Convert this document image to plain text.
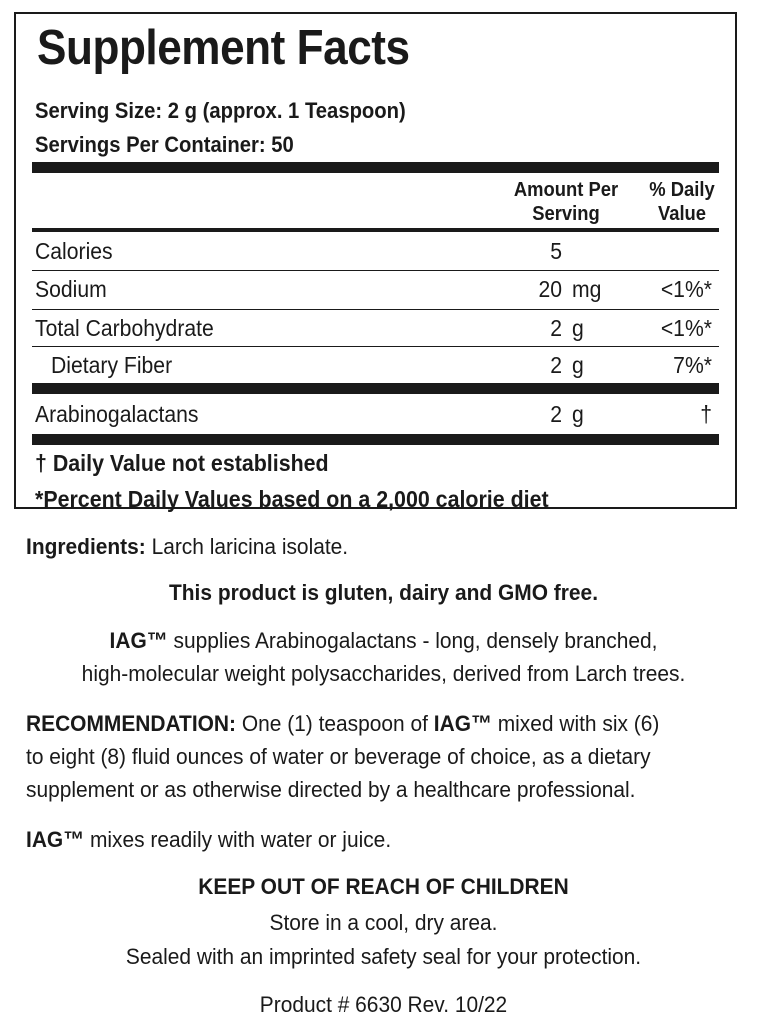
Supplement Facts
Serving Size: 2 g (approx. 1 Teaspoon)
Servings Per Container: 50
Amount Per
Serving
% Daily
Value
Calories	5
Sodium	20 mg	<1%*
Total Carbohydrate	2 g	<1%*
Dietary Fiber	2 g	7%*
Arabinogalactans	2 g	†
† Daily Value not established
*Percent Daily Values based on a 2,000 calorie diet
Ingredients: Larch laricina isolate.
This product is gluten, dairy and GMO free.
IAG™ supplies Arabinogalactans - long, densely branched,
high-molecular weight polysaccharides, derived from Larch trees.
RECOMMENDATION: One (1) teaspoon of IAG™ mixed with six (6)
to eight (8) fluid ounces of water or beverage of choice, as a dietary
supplement or as otherwise directed by a healthcare professional.
IAG™ mixes readily with water or juice.
KEEP OUT OF REACH OF CHILDREN
Store in a cool, dry area.
Sealed with an imprinted safety seal for your protection.
Product # 6630 Rev. 10/22
